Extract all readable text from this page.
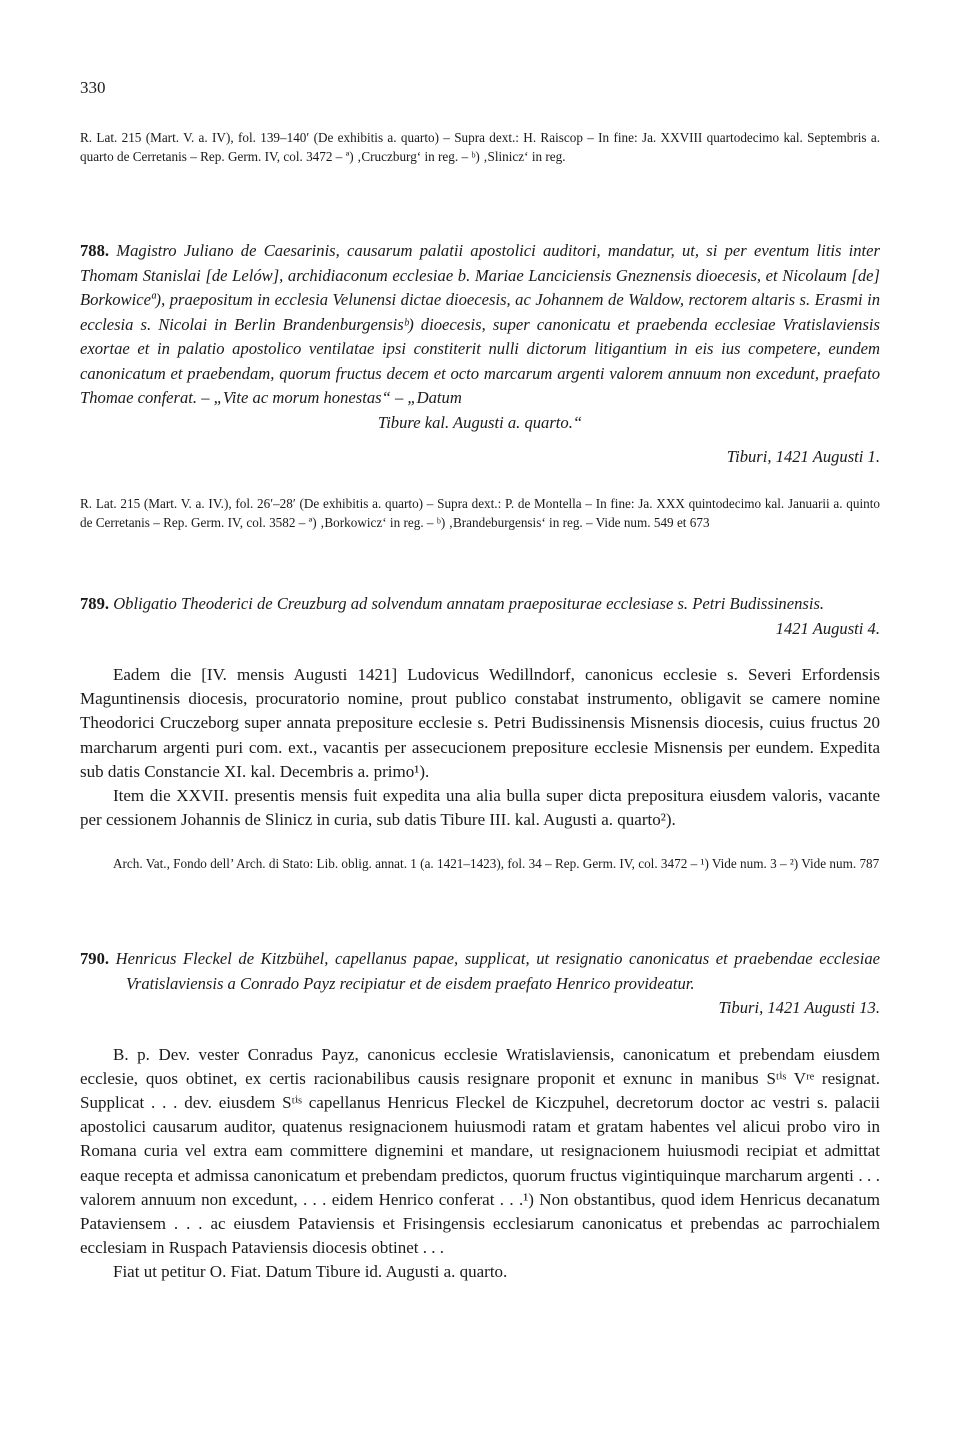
330

R. Lat. 215 (Mart. V. a. IV), fol. 139–140′ (De exhibitis a. quarto) – Supra dext.: H. Raiscop – In fine: Ja. XXVIII quartodecimo kal. Septembris a. quarto de Cerretanis – Rep. Germ. IV, col. 3472 – ª) ‚Cruczburg‘ in reg. – ᵇ) ‚Slinicz‘ in reg.

788. Magistro Juliano de Caesarinis, causarum palatii apostolici auditori, mandatur, ut, si per eventum litis inter Thomam Stanislai [de Lelów], archidiaconum ecclesiae b. Mariae Lanciciensis Gneznensis dioecesis, et Nicolaum [de] Borkowiceª), praepositum in ecclesia Velunensi dictae dioecesis, ac Johannem de Waldow, rectorem altaris s. Erasmi in ecclesia s. Nicolai in Berlin Brandenburgensisᵇ) dioecesis, super canonicatu et praebenda ecclesiae Vratislaviensis exortae et in palatio apostolico ventilatae ipsi constiterit nulli dictorum litigantium in eis ius competere, eundem canonicatum et praebendam, quorum fructus decem et octo marcarum argenti valorem annuum non excedunt, praefato Thomae conferat. – „Vite ac morum honestas“ – „Datum

Tibure kal. Augusti a. quarto.“

Tiburi, 1421 Augusti 1.

R. Lat. 215 (Mart. V. a. IV.), fol. 26′–28′ (De exhibitis a. quarto) – Supra dext.: P. de Montella – In fine: Ja. XXX quintodecimo kal. Januarii a. quinto de Cerretanis – Rep. Germ. IV, col. 3582 – ª) ‚Borkowicz‘ in reg. – ᵇ) ‚Brandeburgensis‘ in reg. – Vide num. 549 et 673

789. Obligatio Theoderici de Creuzburg ad solvendum annatam praepositurae ecclesiase s. Petri Budissinensis.

1421 Augusti 4.

Eadem die [IV. mensis Augusti 1421] Ludovicus Wedillndorf, canonicus ecclesie s. Severi Erfordensis Maguntinensis diocesis, procuratorio nomine, prout publico constabat instrumento, obligavit se camere nomine Theodorici Cruczeborg super annata prepositure ecclesie s. Petri Budissinensis Misnensis diocesis, cuius fructus 20 marcharum argenti puri com. ext., vacantis per assecucionem prepositure ecclesie Misnensis per eundem. Expedita sub datis Constancie XI. kal. Decembris a. primo¹).

Item die XXVII. presentis mensis fuit expedita una alia bulla super dicta prepositura eiusdem valoris, vacante per cessionem Johannis de Slinicz in curia, sub datis Tibure III. kal. Augusti a. quarto²).

Arch. Vat., Fondo dell’ Arch. di Stato: Lib. oblig. annat. 1 (a. 1421–1423), fol. 34 – Rep. Germ. IV, col. 3472 – ¹) Vide num. 3 – ²) Vide num. 787

790. Henricus Fleckel de Kitzbühel, capellanus papae, supplicat, ut resignatio canonicatus et praebendae ecclesiae Vratislaviensis a Conrado Payz recipiatur et de eisdem praefato Henrico provideatur.

Tiburi, 1421 Augusti 13.

B. p. Dev. vester Conradus Payz, canonicus ecclesie Wratislaviensis, canonicatum et prebendam eiusdem ecclesie, quos obtinet, ex certis racionabilibus causis resignare proponit et exnunc in manibus Sᵗⁱˢ Vʳᵉ resignat. Supplicat . . . dev. eiusdem Sᵗⁱˢ capellanus Henricus Fleckel de Kiczpuhel, decretorum doctor ac vestri s. palacii apostolici causarum auditor, quatenus resignacionem huiusmodi ratam et gratam habentes vel alicui probo viro in Romana curia vel extra eam committere dignemini et mandare, ut resignacionem huiusmodi recipiat et admittat eaque recepta et admissa canonicatum et prebendam predictos, quorum fructus vigintiquinque marcharum argenti . . . valorem annuum non excedunt, . . . eidem Henrico conferat . . .¹) Non obstantibus, quod idem Henricus decanatum Pataviensem . . . ac eiusdem Pataviensis et Frisingensis ecclesiarum canonicatus et prebendas ac parrochialem ecclesiam in Ruspach Pataviensis diocesis obtinet . . .

Fiat ut petitur O. Fiat. Datum Tibure id. Augusti a. quarto.
